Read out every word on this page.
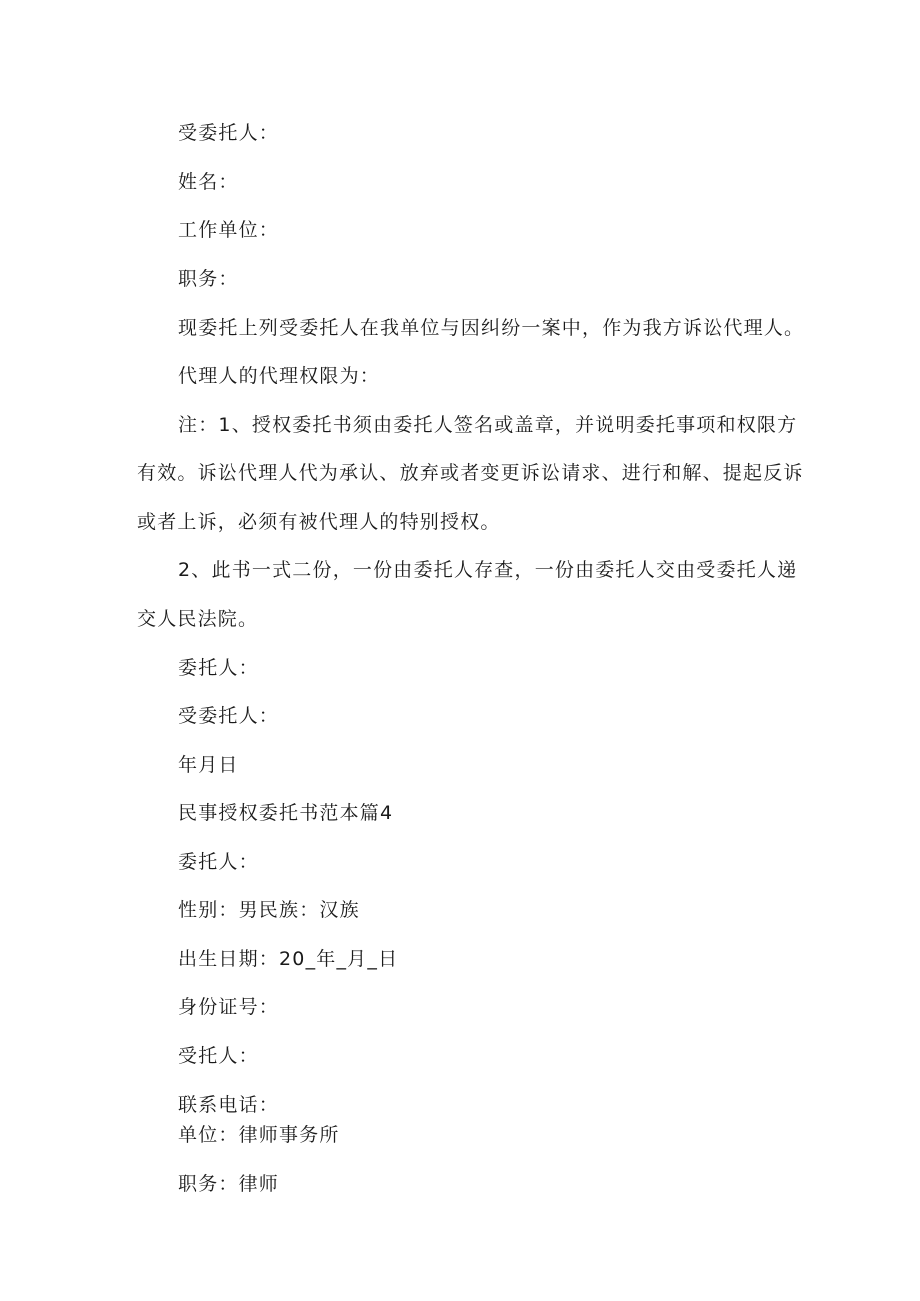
受委托人：
姓名：
工作单位：
职务：
现委托上列受委托人在我单位与因纠纷一案中，作为我方诉讼代理人。
代理人的代理权限为：
注：1、授权委托书须由委托人签名或盖章，并说明委托事项和权限方
有效。诉讼代理人代为承认、放弃或者变更诉讼请求、进行和解、提起反诉
或者上诉，必须有被代理人的特别授权。
2、此书一式二份，一份由委托人存查，一份由委托人交由受委托人递
交人民法院。
委托人：
受委托人：
年月日
民事授权委托书范本篇4
委托人：
性别：男民族：汉族
出生日期：20_年_月_日
身份证号：
受托人：
联系电话：
单位：律师事务所
职务：律师
